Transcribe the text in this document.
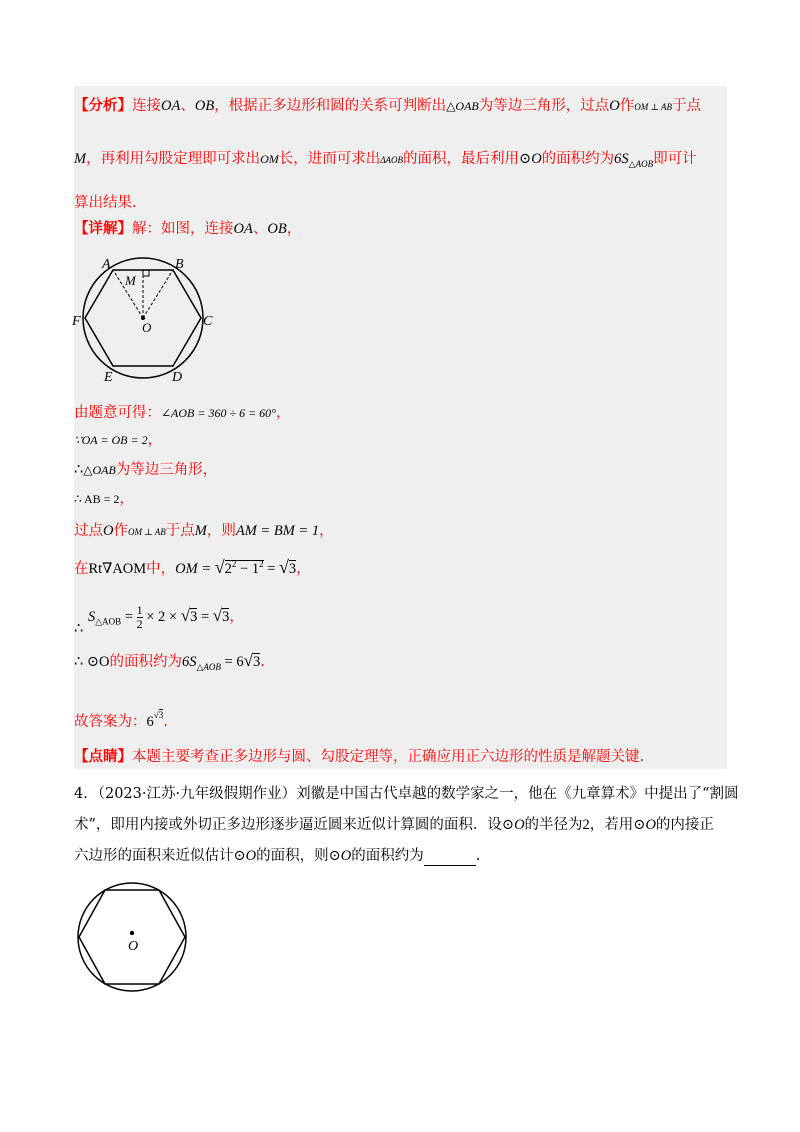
【分析】连接OA、OB，根据正多边形和圆的关系可判断出△OAB为等边三角形，过点O作OM ⊥ AB于点
M，再利用勾股定理即可求出OM长，进而可求出ΔAOB的面积，最后利用⊙O的面积约为$6S_{\triangle AOB}$即可计
算出结果.
【详解】解：如图，连接OA、OB，
A	B
C
D
E
F
M
O
由题意可得：∠AOB = 360 ÷ 6 = 60°，
∵OA = OB = 2，
∴△OAB为等边三角形，
∴ AB = 2，
过点O作OM ⊥ AB于点M，则AM = BM = 1，
在Rt∇AOM中，OM = $√2^2 - 1^2 = √3$，
∴
$S_{\triangle AOB} = \frac{1}{2} \times 2 \times √3 = √3$，
∴ ⊙O的面积约为$6S_{\triangle AOB} = 6√3$.
故答案为：$6^{√3}$.
【点睛】本题主要考查正多边形与圆、勾股定理等，正确应用正六边形的性质是解题关键.
4．（2023·江苏·九年级假期作业）刘徽是中国古代卓越的数学家之一，他在《九章算术》中提出了“割圆
术”，即用内接或外切正多边形逐步逼近圆来近似计算圆的面积．设⊙O的半径为2，若用⊙O的内接正
六边形的面积来近似估计⊙O的面积，则⊙O的面积约为	.
O
